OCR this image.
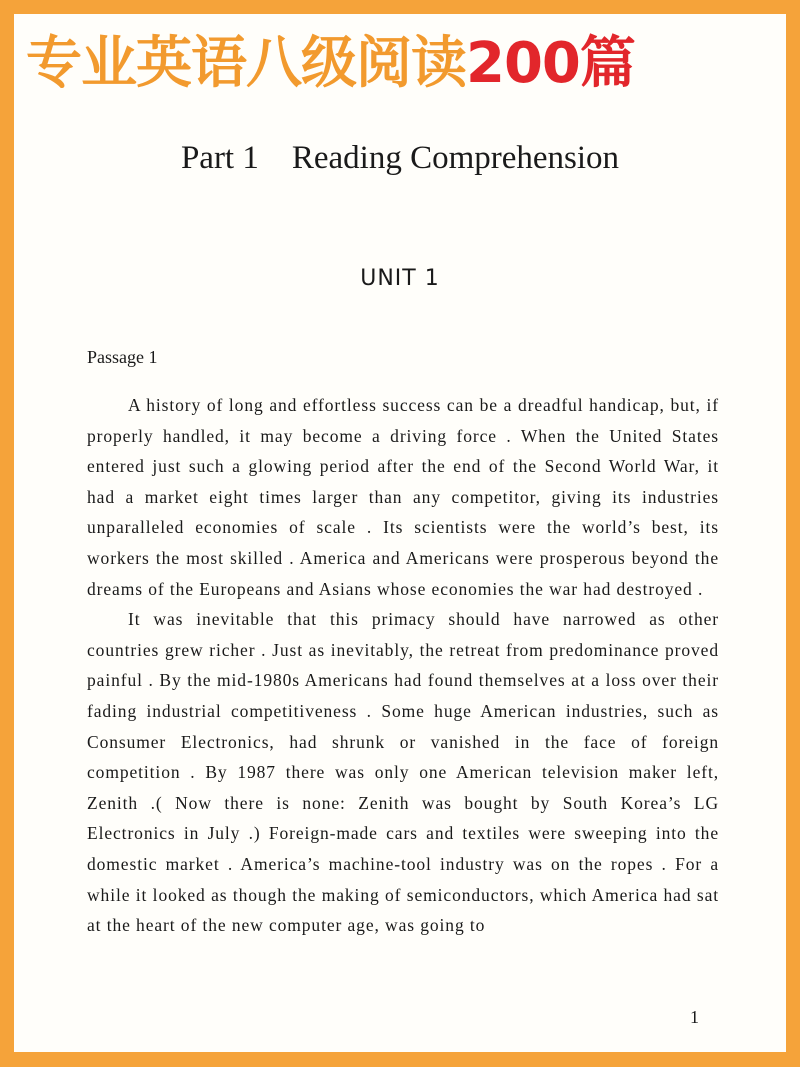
专业英语八级阅读200篇
Part 1    Reading Comprehension
UNIT 1
Passage 1

A history of long and effortless success can be a dreadful handicap, but, if properly handled, it may become a driving force . When the United States entered just such a glowing period after the end of the Second World War, it had a market eight times larger than any competitor, giving its industries unparalleled economies of scale . Its scientists were the world’s best, its workers the most skilled . America and Americans were prosperous beyond the dreams of the Europeans and Asians whose economies the war had destroyed .

It was inevitable that this primacy should have narrowed as other countries grew richer . Just as inevitably, the retreat from predominance proved painful . By the mid-1980s Americans had found themselves at a loss over their fading industrial competitiveness . Some huge American industries, such as Consumer Electronics, had shrunk or vanished in the face of foreign competition . By 1987 there was only one American television maker left, Zenith .( Now there is none: Zenith was bought by South Korea’s LG Electronics in July .) Foreign-made cars and textiles were sweeping into the domestic market . America’s machine-tool industry was on the ropes . For a while it looked as though the making of semiconductors, which America had sat at the heart of the new computer age, was going to

1
